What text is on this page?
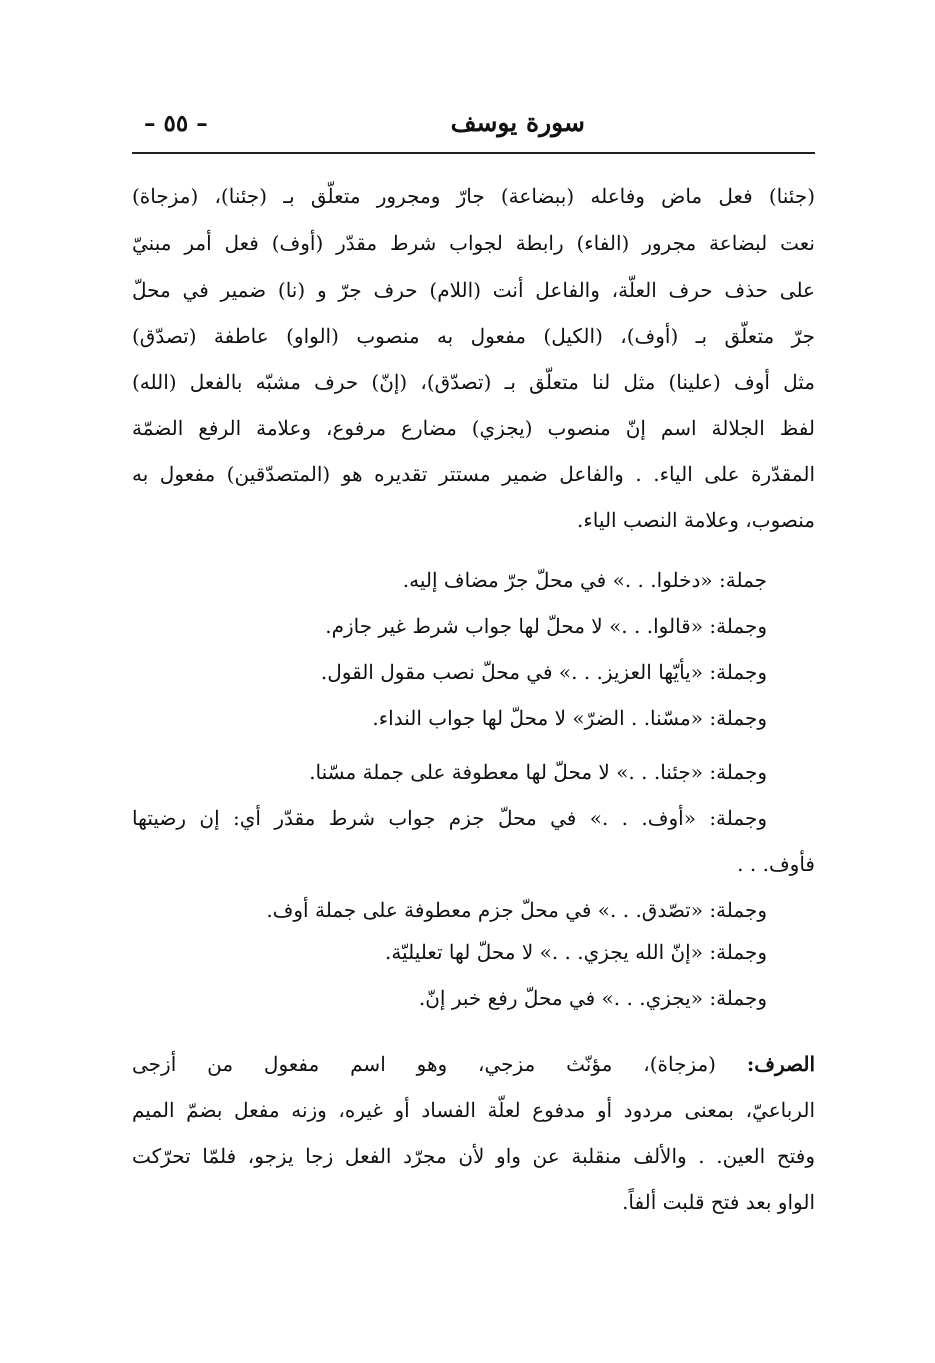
سورة يوسف
– ٥٥ –
(جئنا) فعل ماض وفاعله (ببضاعة) جارّ ومجرور متعلّق بـ (جئنا)، (مزجاة)
نعت لبضاعة مجرور (الفاء) رابطة لجواب شرط مقدّر (أوف) فعل أمر مبنيّ
على حذف حرف العلّة، والفاعل أنت (اللام) حرف جرّ و (نا) ضمير في محلّ
جرّ متعلّق بـ (أوف)، (الكيل) مفعول به منصوب (الواو) عاطفة (تصدّق)
مثل أوف (علينا) مثل لنا متعلّق بـ (تصدّق)، (إنّ) حرف مشبّه بالفعل (الله)
لفظ الجلالة اسم إنّ منصوب (يجزي) مضارع مرفوع، وعلامة الرفع الضمّة
المقدّرة على الياء. . والفاعل ضمير مستتر تقديره هو (المتصدّقين) مفعول به
منصوب، وعلامة النصب الياء.
جملة: «دخلوا. . .» في محلّ جرّ مضاف إليه.
وجملة: «قالوا. . .» لا محلّ لها جواب شرط غير جازم.
وجملة: «يأيّها العزيز. . .» في محلّ نصب مقول القول.
وجملة: «مسّنا. . الضرّ» لا محلّ لها جواب النداء.
وجملة: «جئنا. . .» لا محلّ لها معطوفة على جملة مسّنا.
وجملة: «أوف. . .» في محلّ جزم جواب شرط مقدّر أي: إن رضيتها
فأوف. . .
وجملة: «تصّدق. . .» في محلّ جزم معطوفة على جملة أوف.
وجملة: «إنّ الله يجزي. . .» لا محلّ لها تعليليّة.
وجملة: «يجزي. . .» في محلّ رفع خبر إنّ.
الصرف: (مزجاة)، مؤنّث مزجي، وهو اسم مفعول من أزجى
الرباعيّ، بمعنى مردود أو مدفوع لعلّة الفساد أو غيره، وزنه مفعل بضمّ الميم
وفتح العين. . والألف منقلبة عن واو لأن مجرّد الفعل زجا يزجو، فلمّا تحرّكت
الواو بعد فتح قلبت ألفاً.
